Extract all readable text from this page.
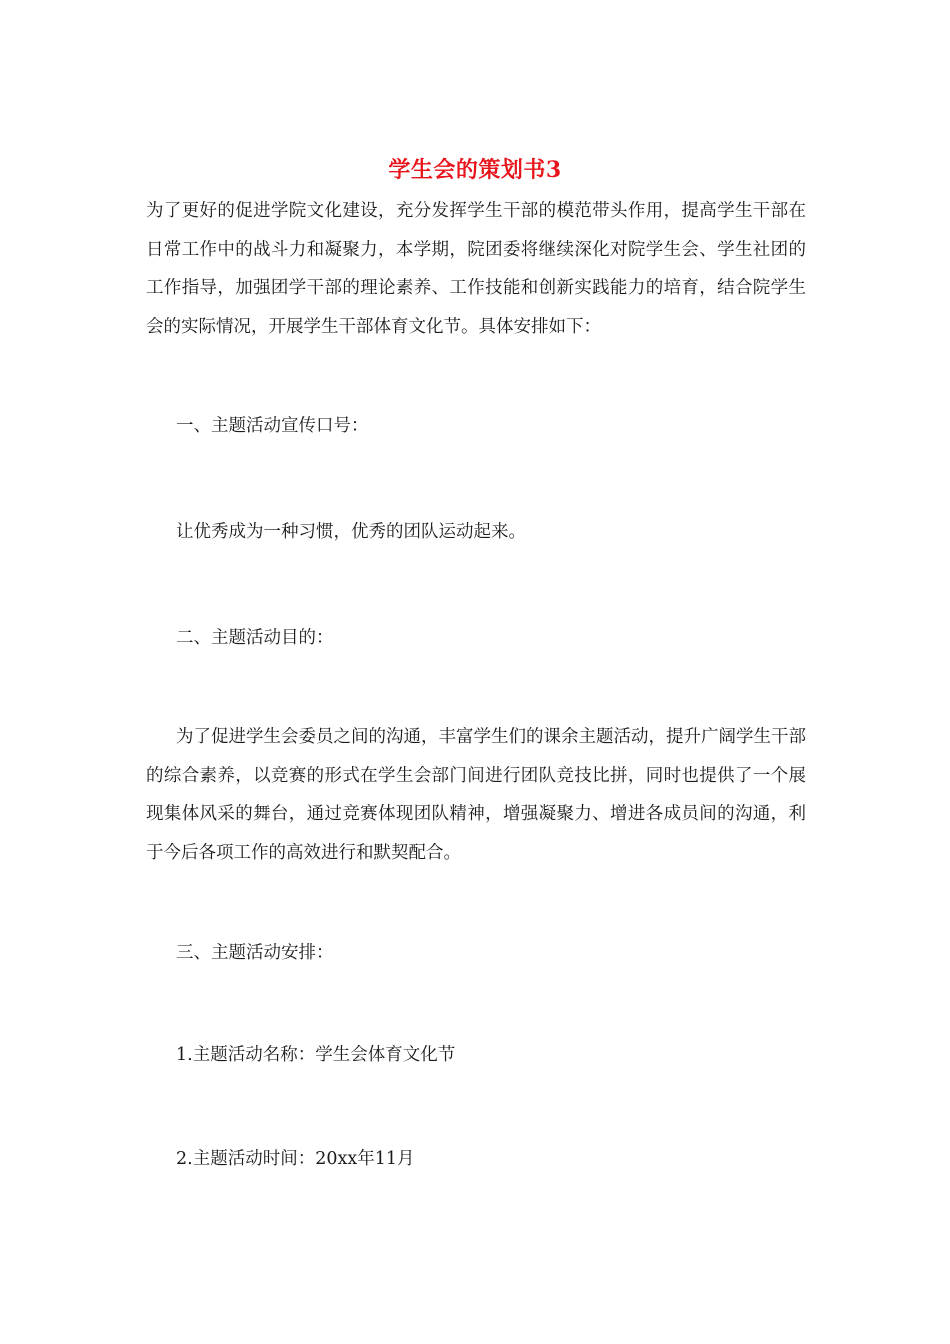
学生会的策划书3

为了更好的促进学院文化建设，充分发挥学生干部的模范带头作用，提高学生干部在日常工作中的战斗力和凝聚力，本学期，院团委将继续深化对院学生会、学生社团的工作指导，加强团学干部的理论素养、工作技能和创新实践能力的培育，结合院学生会的实际情况，开展学生干部体育文化节。具体安排如下：

一、主题活动宣传口号：

让优秀成为一种习惯，优秀的团队运动起来。

二、主题活动目的：

为了促进学生会委员之间的沟通，丰富学生们的课余主题活动，提升广阔学生干部的综合素养，以竞赛的形式在学生会部门间进行团队竞技比拼，同时也提供了一个展现集体风采的舞台，通过竞赛体现团队精神，增强凝聚力、增进各成员间的沟通，利于今后各项工作的高效进行和默契配合。

三、主题活动安排：

1.主题活动名称：学生会体育文化节

2.主题活动时间：20xx年11月
